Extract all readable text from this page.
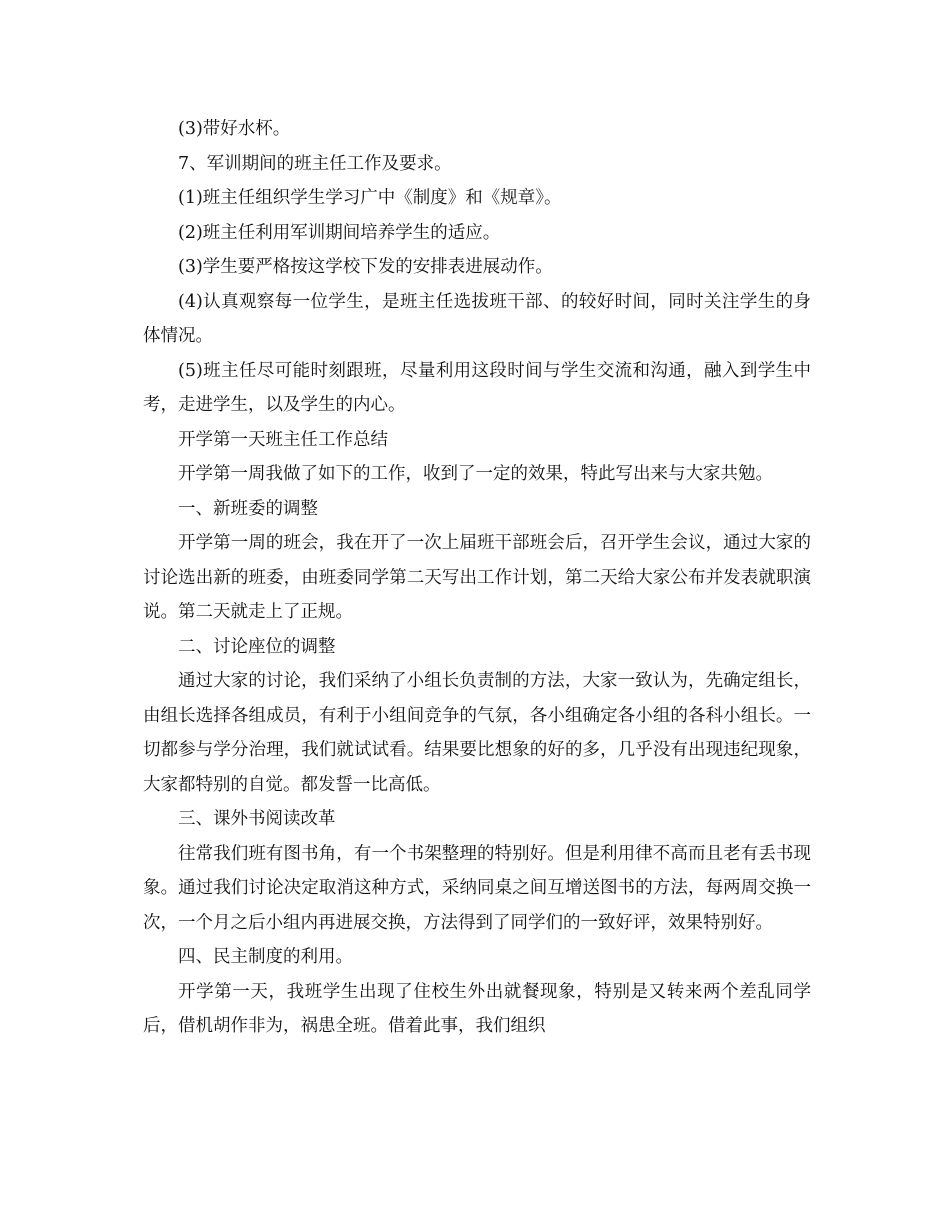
(3)带好水杯。

7、军训期间的班主任工作及要求。

(1)班主任组织学生学习广中《制度》和《规章》。

(2)班主任利用军训期间培养学生的适应。

(3)学生要严格按这学校下发的安排表进展动作。

(4)认真观察每一位学生，是班主任选拔班干部、的较好时间，同时关注学生的身体情况。

(5)班主任尽可能时刻跟班，尽量利用这段时间与学生交流和沟通，融入到学生中考，走进学生，以及学生的内心。

开学第一天班主任工作总结

开学第一周我做了如下的工作，收到了一定的效果，特此写出来与大家共勉。

一、新班委的调整

开学第一周的班会，我在开了一次上届班干部班会后，召开学生会议，通过大家的讨论选出新的班委，由班委同学第二天写出工作计划，第二天给大家公布并发表就职演说。第二天就走上了正规。

二、讨论座位的调整

通过大家的讨论，我们采纳了小组长负责制的方法，大家一致认为，先确定组长，由组长选择各组成员，有利于小组间竞争的气氛，各小组确定各小组的各科小组长。一切都参与学分治理，我们就试试看。结果要比想象的好的多，几乎没有出现违纪现象，大家都特别的自觉。都发誓一比高低。

三、课外书阅读改革

往常我们班有图书角，有一个书架整理的特别好。但是利用律不高而且老有丢书现象。通过我们讨论决定取消这种方式，采纳同桌之间互增送图书的方法，每两周交换一次，一个月之后小组内再进展交换，方法得到了同学们的一致好评，效果特别好。

四、民主制度的利用。

开学第一天，我班学生出现了住校生外出就餐现象，特别是又转来两个差乱同学后，借机胡作非为，祸患全班。借着此事，我们组织
